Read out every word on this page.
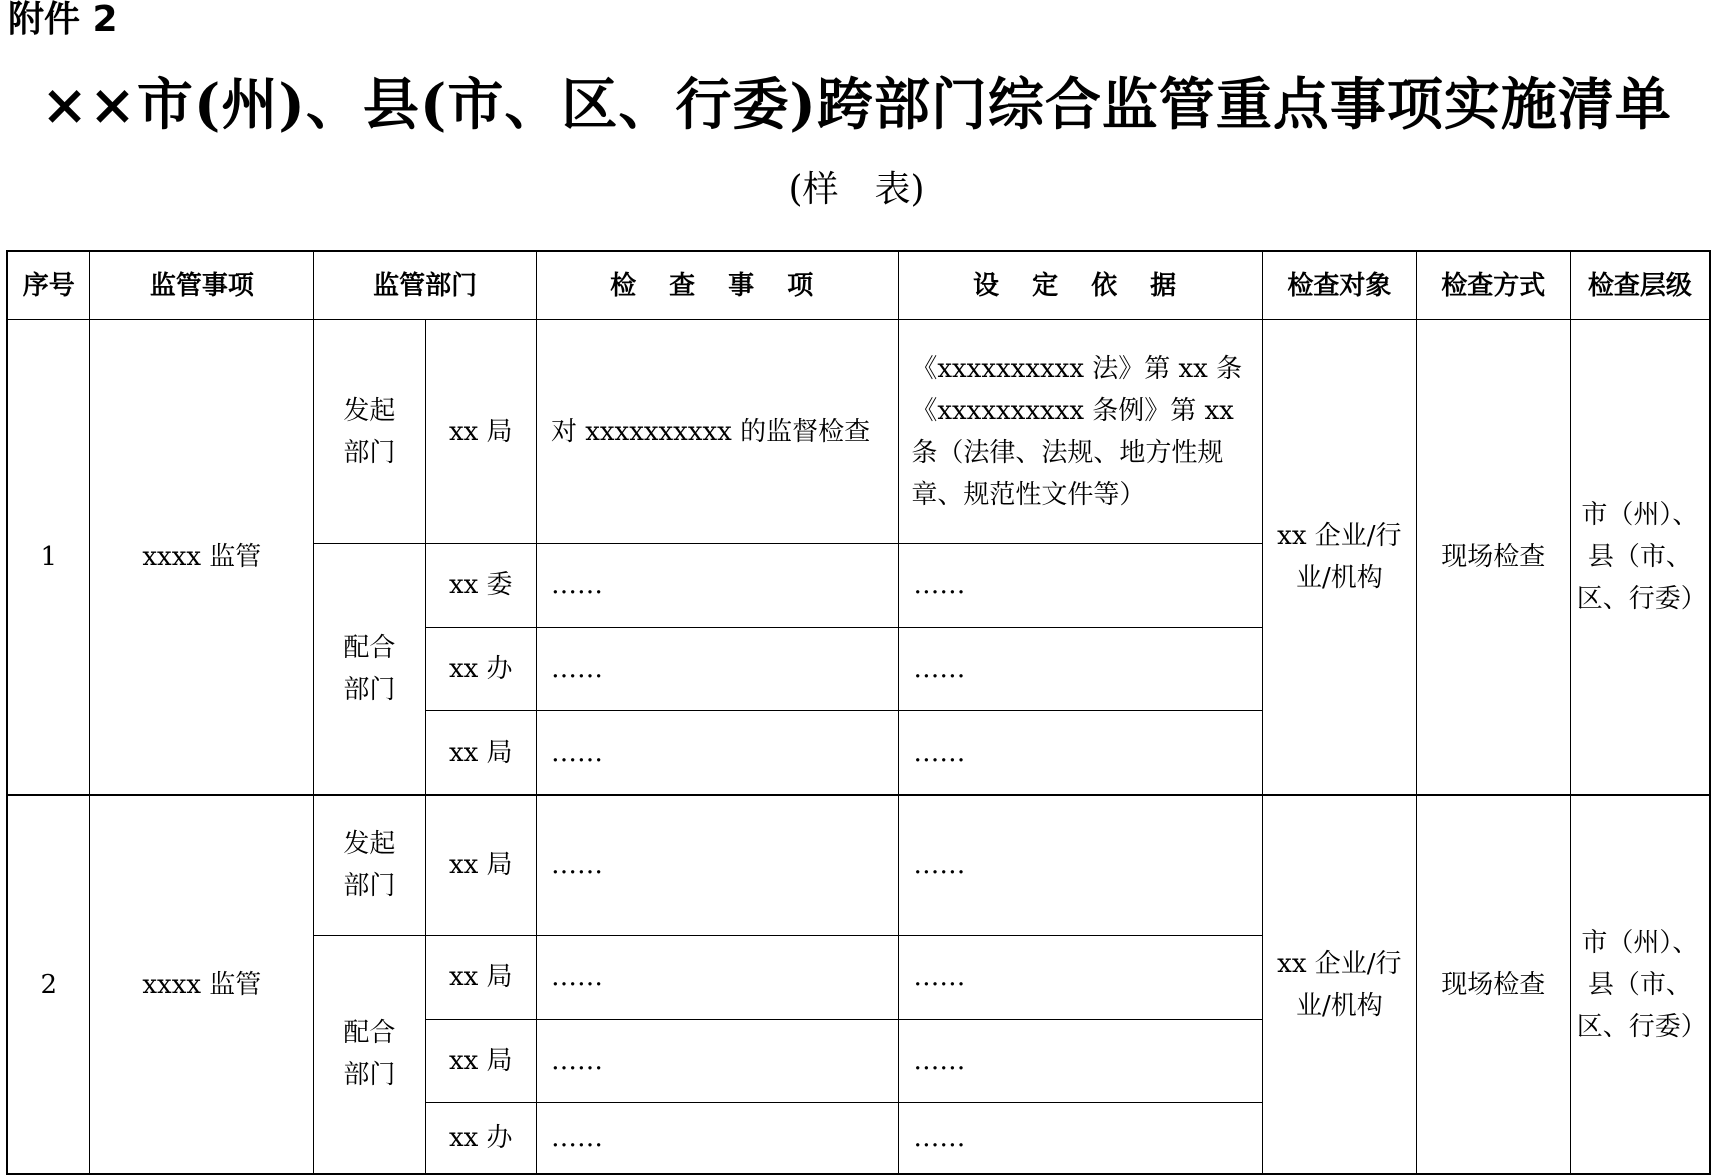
附件 2
××市(州)、县(市、区、行委)跨部门综合监管重点事项实施清单
(样　表)
序号	监管事项	监管部门		检 查 事 项	设 定 依 据	检查对象	检查方式	检查层级
1	xxxx 监管	发起部门	xx 局	对 xxxxxxxxxx 的监督检查	《xxxxxxxxxx 法》第 xx 条《xxxxxxxxxx 条例》第 xx 条（法律、法规、地方性规章、规范性文件等）	xx 企业/行业/机构	现场检查	市（州）、县（市、区、行委）
		配合部门	xx 委	……	……			
			xx 办	……	……			
			xx 局	……	……			
2	xxxx 监管	发起部门	xx 局	……	……	xx 企业/行业/机构	现场检查	市（州）、县（市、区、行委）
		配合部门	xx 局	……	……			
			xx 局	……	……			
			xx 办	……	……			
